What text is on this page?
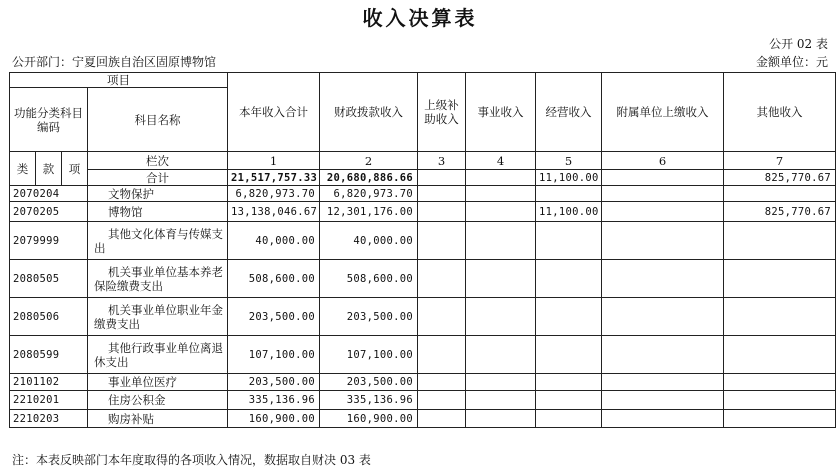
收入决算表
公开 02 表
公开部门：宁夏回族自治区固原博物馆	金额单位：元
项目				本年收入合计	财政拨款收入	上级补助收入	事业收入	经营收入	附属单位上缴收入	其他收入
功能分类科目编码			科目名称							

类	款	项	栏次	1	2	3	4	5	6	7
			合计	21,517,757.33	20,680,886.66			11,100.00		825,770.67
2070204			文物保护	6,820,973.70	6,820,973.70					
2070205			博物馆	13,138,046.67	12,301,176.00			11,100.00		825,770.67
2079999			其他文化体育与传媒支出	40,000.00	40,000.00					
2080505			机关事业单位基本养老保险缴费支出	508,600.00	508,600.00					
2080506			机关事业单位职业年金缴费支出	203,500.00	203,500.00					
2080599			其他行政事业单位离退休支出	107,100.00	107,100.00					
2101102			事业单位医疗	203,500.00	203,500.00					
2210201			住房公积金	335,136.96	335,136.96					
2210203			购房补贴	160,900.00	160,900.00					
注：本表反映部门本年度取得的各项收入情况，数据取自财决 03 表
